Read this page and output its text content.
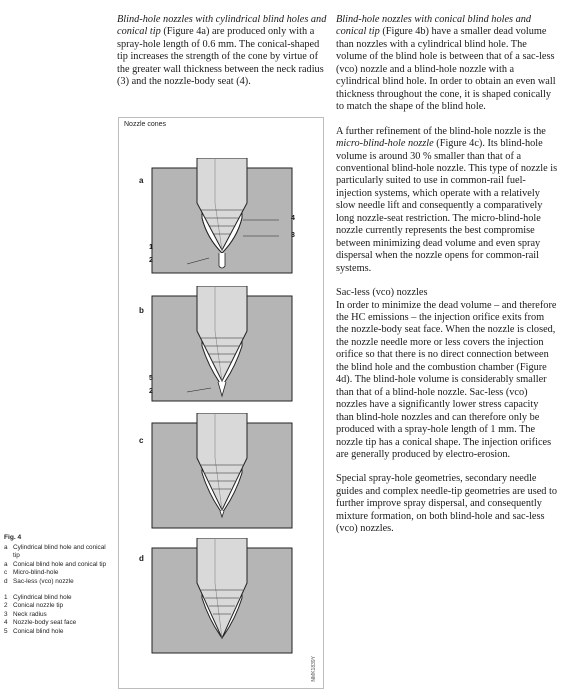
Blind-hole nozzles with cylindrical blind holes and conical tip (Figure 4a) are produced only with a spray-hole length of 0.6 mm. The conical-shaped tip increases the strength of the cone by virtue of the greater wall thickness between the neck radius (3) and the nozzle-body seat (4).

Blind-hole nozzles with conical blind holes and conical tip (Figure 4b) have a smaller dead volume than nozzles with a cylindrical blind hole. The volume of the blind hole is between that of a sac-less (vco) nozzle and a blind-hole nozzle with a cylindrical blind hole. In order to obtain an even wall thickness throughout the cone, it is shaped conically to match the shape of the blind hole.

A further refinement of the blind-hole nozzle is the micro-blind-hole nozzle (Figure 4c). Its blind-hole volume is around 30 % smaller than that of a conventional blind-hole nozzle. This type of nozzle is particularly suited to use in common-rail fuel-injection systems, which operate with a relatively slow needle lift and consequently a comparatively long nozzle-seat restriction. The micro-blind-hole nozzle currently represents the best compromise between minimizing dead volume and even spray dispersal when the nozzle opens for common-rail systems.

Sac-less (vco) nozzles

In order to minimize the dead volume – and therefore the HC emissions – the injection orifice exits from the nozzle-body seat face. When the nozzle is closed, the nozzle needle more or less covers the injection orifice so that there is no direct connection between the blind hole and the combustion chamber (Figure 4d). The blind-hole volume is considerably smaller than that of a blind-hole nozzle. Sac-less (vco) nozzles have a significantly lower stress capacity than blind-hole nozzles and can therefore only be produced with a spray-hole length of 1 mm. The nozzle tip has a conical shape. The injection orifices are generally produced by electro-erosion.

Special spray-hole geometries, secondary needle guides and complex needle-tip geometries are used to further improve spray dispersal, and consequently mixture formation, on both blind-hole and sac-less (vco) nozzles.

Nozzle cones
a
4
3
1
2
b
5
2
c
d
NMK1839Y
Fig. 4
a Cylindrical blind hole and conical tip
a Conical blind hole and conical tip
c Micro-blind-hole
d Sac-less (vco) nozzle
1 Cylindrical blind hole
2 Conical nozzle tip
3 Neck radius
4 Nozzle-body seat face
5 Conical blind hole
